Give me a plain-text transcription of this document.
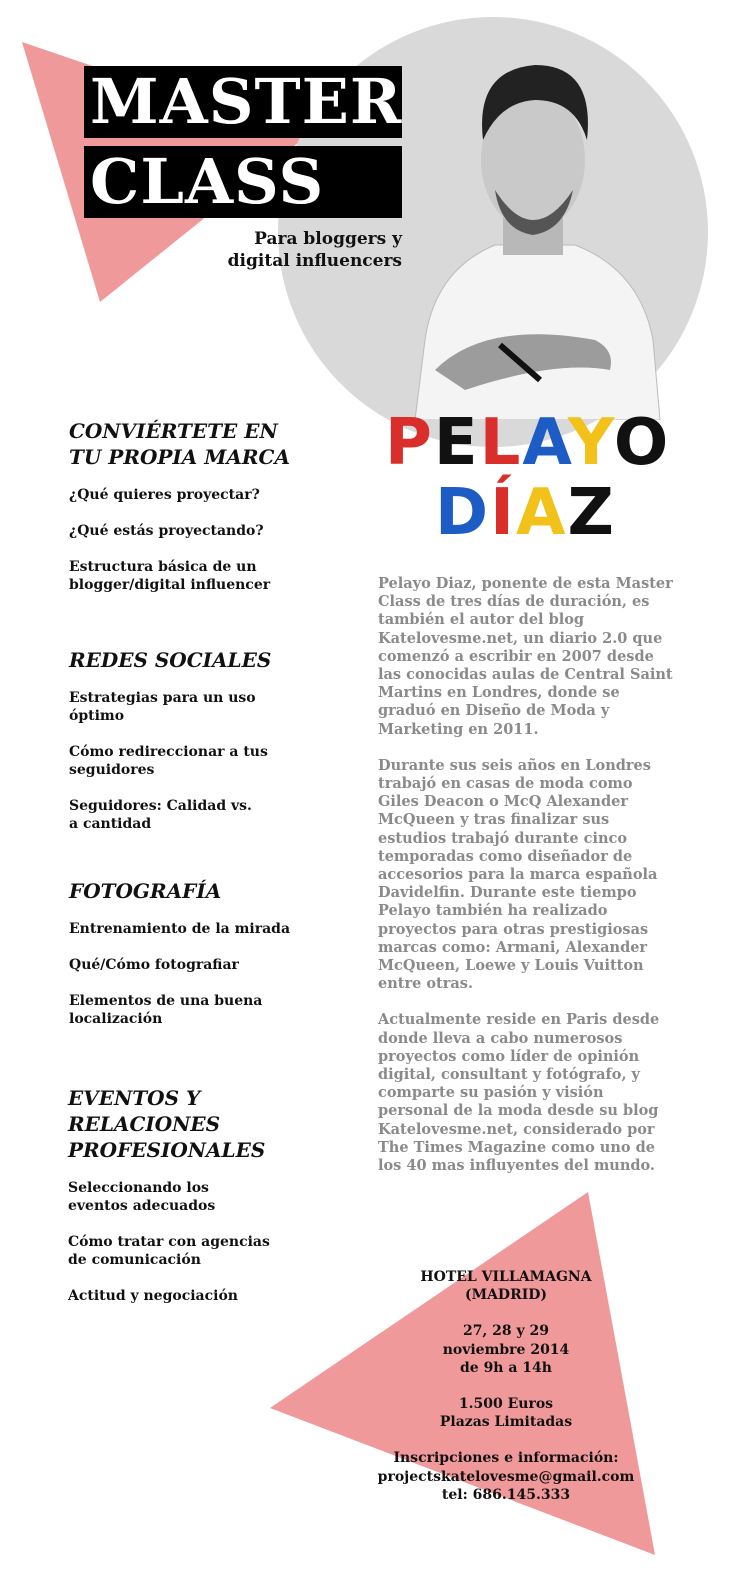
MASTER
CLASS
Para bloggers y
digital influencers
PELAYO
DÍAZ
CONVIÉRTETE EN
TU PROPIA MARCA
¿Qué quieres proyectar?
¿Qué estás proyectando?
Estructura básica de un blogger/digital influencer
REDES SOCIALES
Estrategias para un uso óptimo
Cómo redireccionar a tus seguidores
Seguidores: Calidad vs. a cantidad
FOTOGRAFÍA
Entrenamiento de la mirada
Qué/Cómo fotografiar
Elementos de una buena localización
EVENTOS Y
RELACIONES
PROFESIONALES
Seleccionando los eventos adecuados
Cómo tratar con agencias de comunicación
Actitud y negociación

Pelayo Diaz, ponente de esta Master Class de tres días de duración, es también el autor del blog Katelovesme.net, un diario 2.0 que comenzó a escribir en 2007 desde las conocidas aulas de Central Saint Martins en Londres, donde se graduó en Diseño de Moda y Marketing en 2011.

Durante sus seis años en Londres trabajó en casas de moda como Giles Deacon o McQ Alexander McQueen y tras finalizar sus estudios trabajó durante cinco temporadas como diseñador de accesorios para la marca española Davidelfin. Durante este tiempo Pelayo también ha realizado proyectos para otras prestigiosas marcas como: Armani, Alexander McQueen, Loewe y Louis Vuitton entre otras.

Actualmente reside en Paris desde donde lleva a cabo numerosos proyectos como líder de opinión digital, consultant y fotógrafo, y comparte su pasión y visión personal de la moda desde su blog Katelovesme.net, considerado por The Times Magazine como uno de los 40 mas influyentes del mundo.

HOTEL VILLAMAGNA
(MADRID)
27, 28 y 29
noviembre 2014
de 9h a 14h
1.500 Euros
Plazas Limitadas
Inscripciones e información:
projectskatelovesme@gmail.com
tel: 686.145.333
